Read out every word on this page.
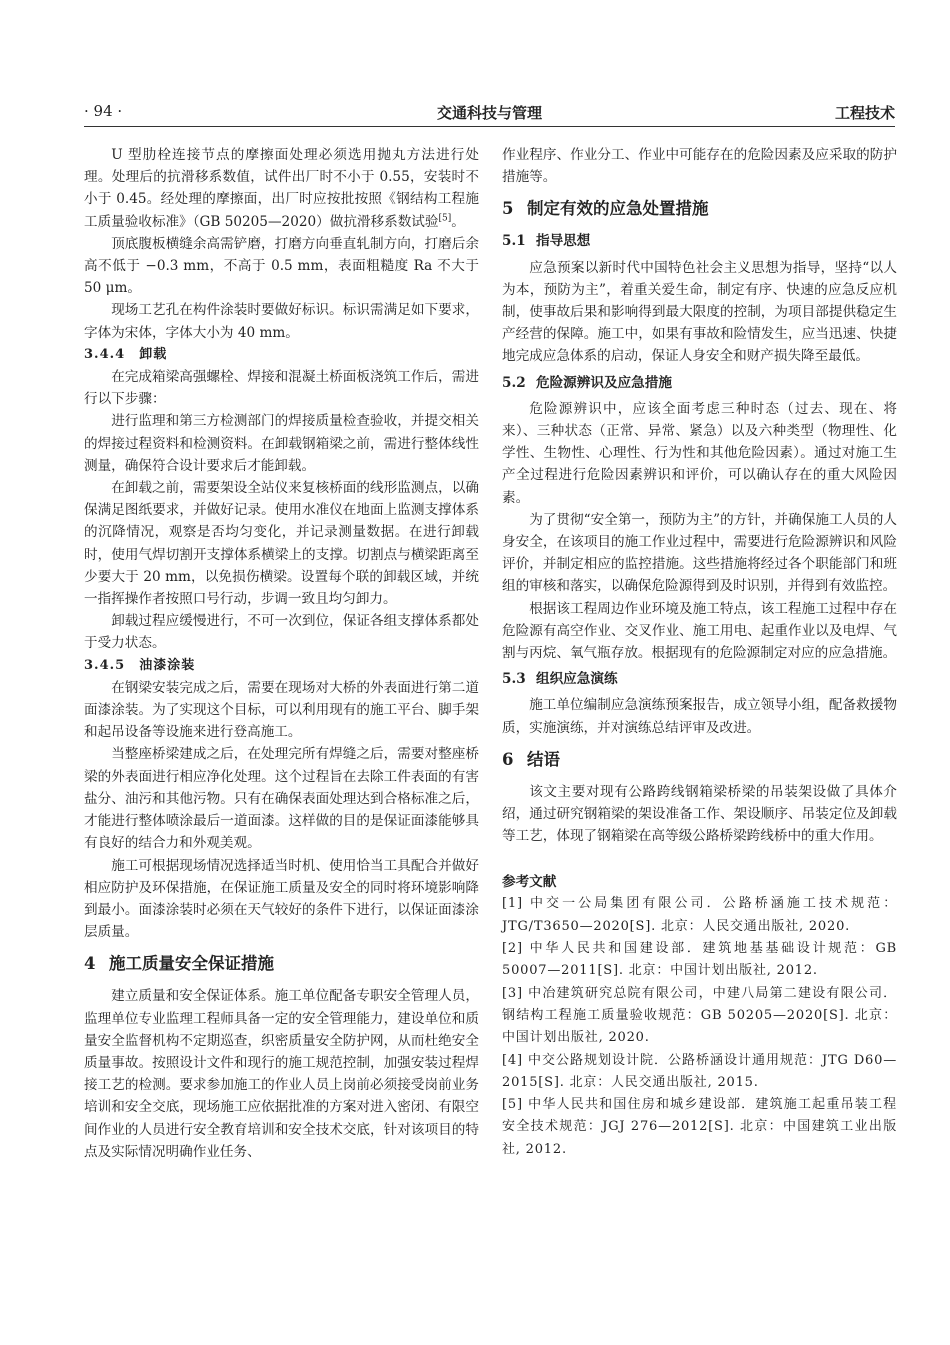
· 94 ·	交通科技与管理	工程技术

U 型肋栓连接节点的摩擦面处理必须选用抛丸方法进行处理。处理后的抗滑移系数值，试件出厂时不小于 0.55，安装时不小于 0.45。经处理的摩擦面，出厂时应按批按照《钢结构工程施工质量验收标准》（GB 50205—2020）做抗滑移系数试验[5]。

顶底腹板横缝余高需铲磨，打磨方向垂直轧制方向，打磨后余高不低于 −0.3 mm，不高于 0.5 mm，表面粗糙度 Ra 不大于 50 μm。

现场工艺孔在构件涂装时要做好标识。标识需满足如下要求，字体为宋体，字体大小为 40 mm。

3.4.4　卸载

在完成箱梁高强螺栓、焊接和混凝土桥面板浇筑工作后，需进行以下步骤：

进行监理和第三方检测部门的焊接质量检查验收，并提交相关的焊接过程资料和检测资料。在卸载钢箱梁之前，需进行整体线性测量，确保符合设计要求后才能卸载。

在卸载之前，需要架设全站仪来复核桥面的线形监测点，以确保满足图纸要求，并做好记录。使用水准仪在地面上监测支撑体系的沉降情况，观察是否均匀变化，并记录测量数据。在进行卸载时，使用气焊切割开支撑体系横梁上的支撑。切割点与横梁距离至少要大于 20 mm，以免损伤横梁。设置每个联的卸载区域，并统一指挥操作者按照口号行动，步调一致且均匀卸力。

卸载过程应缓慢进行，不可一次到位，保证各组支撑体系都处于受力状态。

3.4.5　油漆涂装

在钢梁安装完成之后，需要在现场对大桥的外表面进行第二道面漆涂装。为了实现这个目标，可以利用现有的施工平台、脚手架和起吊设备等设施来进行登高施工。

当整座桥梁建成之后，在处理完所有焊缝之后，需要对整座桥梁的外表面进行相应净化处理。这个过程旨在去除工件表面的有害盐分、油污和其他污物。只有在确保表面处理达到合格标准之后，才能进行整体喷涂最后一道面漆。这样做的目的是保证面漆能够具有良好的结合力和外观美观。

施工可根据现场情况选择适当时机、使用恰当工具配合并做好相应防护及环保措施，在保证施工质量及安全的同时将环境影响降到最小。面漆涂装时必须在天气较好的条件下进行，以保证面漆涂层质量。

4 施工质量安全保证措施

建立质量和安全保证体系。施工单位配备专职安全管理人员，监理单位专业监理工程师具备一定的安全管理能力，建设单位和质量安全监督机构不定期巡查，织密质量安全防护网，从而杜绝安全质量事故。按照设计文件和现行的施工规范控制，加强安装过程焊接工艺的检测。要求参加施工的作业人员上岗前必须接受岗前业务培训和安全交底，现场施工应依据批准的方案对进入密闭、有限空间作业的人员进行安全教育培训和安全技术交底，针对该项目的特点及实际情况明确作业任务、

作业程序、作业分工、作业中可能存在的危险因素及应采取的防护措施等。

5 制定有效的应急处置措施
5.1 指导思想

应急预案以新时代中国特色社会主义思想为指导，坚持“以人为本，预防为主”，着重关爱生命，制定有序、快速的应急反应机制，使事故后果和影响得到最大限度的控制，为项目部提供稳定生产经营的保障。施工中，如果有事故和险情发生，应当迅速、快捷地完成应急体系的启动，保证人身安全和财产损失降至最低。

5.2 危险源辨识及应急措施

危险源辨识中，应该全面考虑三种时态（过去、现在、将来）、三种状态（正常、异常、紧急）以及六种类型（物理性、化学性、生物性、心理性、行为性和其他危险因素）。通过对施工生产全过程进行危险因素辨识和评价，可以确认存在的重大风险因素。

为了贯彻“安全第一，预防为主”的方针，并确保施工人员的人身安全，在该项目的施工作业过程中，需要进行危险源辨识和风险评价，并制定相应的监控措施。这些措施将经过各个职能部门和班组的审核和落实，以确保危险源得到及时识别，并得到有效监控。

根据该工程周边作业环境及施工特点，该工程施工过程中存在危险源有高空作业、交叉作业、施工用电、起重作业以及电焊、气割与丙烷、氧气瓶存放。根据现有的危险源制定对应的应急措施。

5.3 组织应急演练

施工单位编制应急演练预案报告，成立领导小组，配备救援物质，实施演练，并对演练总结评审及改进。

6 结语

该文主要对现有公路跨线钢箱梁桥梁的吊装架设做了具体介绍，通过研究钢箱梁的架设准备工作、架设顺序、吊装定位及卸载等工艺，体现了钢箱梁在高等级公路桥梁跨线桥中的重大作用。

参考文献

[1] 中交一公局集团有限公司．公路桥涵施工技术规范：JTG/T3650—2020[S]. 北京：人民交通出版社, 2020.

[2] 中华人民共和国建设部．建筑地基基础设计规范：GB 50007—2011[S]. 北京：中国计划出版社, 2012.

[3] 中冶建筑研究总院有限公司，中建八局第二建设有限公司．钢结构工程施工质量验收规范：GB 50205—2020[S]. 北京：中国计划出版社, 2020.

[4] 中交公路规划设计院．公路桥涵设计通用规范：JTG D60—2015[S]. 北京：人民交通出版社, 2015.

[5] 中华人民共和国住房和城乡建设部．建筑施工起重吊装工程安全技术规范：JGJ 276—2012[S]. 北京：中国建筑工业出版社, 2012.
